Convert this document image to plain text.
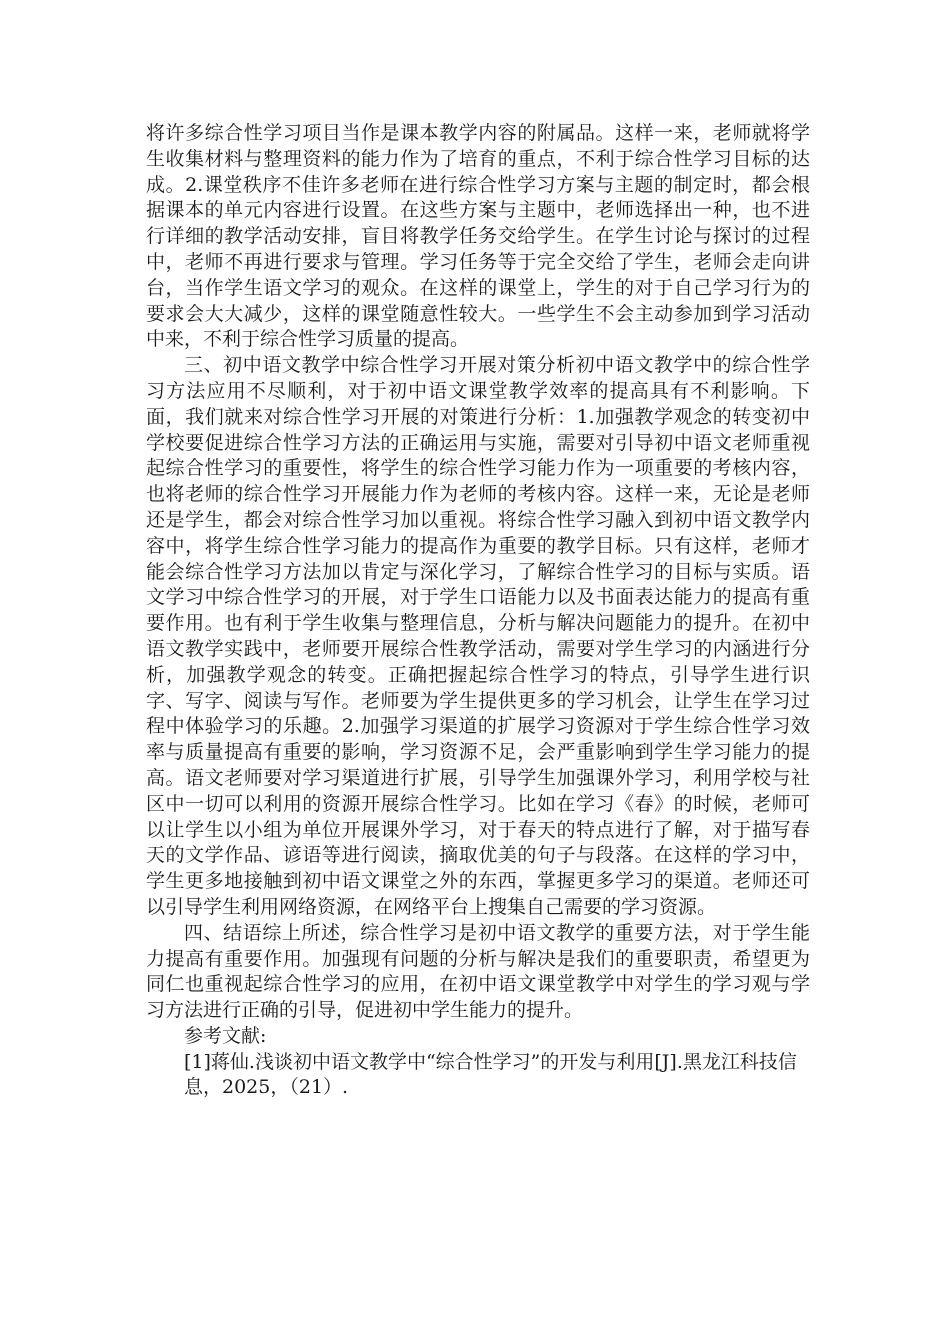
将许多综合性学习项目当作是课本教学内容的附属品。这样一来，老师就将学生收集材料与整理资料的能力作为了培育的重点，不利于综合性学习目标的达成。2.课堂秩序不佳许多老师在进行综合性学习方案与主题的制定时，都会根据课本的单元内容进行设置。在这些方案与主题中，老师选择出一种，也不进行详细的教学活动安排，盲目将教学任务交给学生。在学生讨论与探讨的过程中，老师不再进行要求与管理。学习任务等于完全交给了学生，老师会走向讲台，当作学生语文学习的观众。在这样的课堂上，学生的对于自己学习行为的要求会大大减少，这样的课堂随意性较大。一些学生不会主动参加到学习活动中来，不利于综合性学习质量的提高。

三、初中语文教学中综合性学习开展对策分析初中语文教学中的综合性学习方法应用不尽顺利，对于初中语文课堂教学效率的提高具有不利影响。下面，我们就来对综合性学习开展的对策进行分析：1.加强教学观念的转变初中学校要促进综合性学习方法的正确运用与实施，需要对引导初中语文老师重视起综合性学习的重要性，将学生的综合性学习能力作为一项重要的考核内容，也将老师的综合性学习开展能力作为老师的考核内容。这样一来，无论是老师还是学生，都会对综合性学习加以重视。将综合性学习融入到初中语文教学内容中，将学生综合性学习能力的提高作为重要的教学目标。只有这样，老师才能会综合性学习方法加以肯定与深化学习，了解综合性学习的目标与实质。语文学习中综合性学习的开展，对于学生口语能力以及书面表达能力的提高有重要作用。也有利于学生收集与整理信息，分析与解决问题能力的提升。在初中语文教学实践中，老师要开展综合性教学活动，需要对学生学习的内涵进行分析，加强教学观念的转变。正确把握起综合性学习的特点，引导学生进行识字、写字、阅读与写作。老师要为学生提供更多的学习机会，让学生在学习过程中体验学习的乐趣。2.加强学习渠道的扩展学习资源对于学生综合性学习效率与质量提高有重要的影响，学习资源不足，会严重影响到学生学习能力的提高。语文老师要对学习渠道进行扩展，引导学生加强课外学习，利用学校与社区中一切可以利用的资源开展综合性学习。比如在学习《春》的时候，老师可以让学生以小组为单位开展课外学习，对于春天的特点进行了解，对于描写春天的文学作品、谚语等进行阅读，摘取优美的句子与段落。在这样的学习中，学生更多地接触到初中语文课堂之外的东西，掌握更多学习的渠道。老师还可以引导学生利用网络资源，在网络平台上搜集自己需要的学习资源。

四、结语综上所述，综合性学习是初中语文教学的重要方法，对于学生能力提高有重要作用。加强现有问题的分析与解决是我们的重要职责，希望更为同仁也重视起综合性学习的应用，在初中语文课堂教学中对学生的学习观与学习方法进行正确的引导，促进初中学生能力的提升。

参考文献:

[1]蒋仙.浅谈初中语文教学中“综合性学习”的开发与利用[J].黑龙江科技信息，2025，（21）.
